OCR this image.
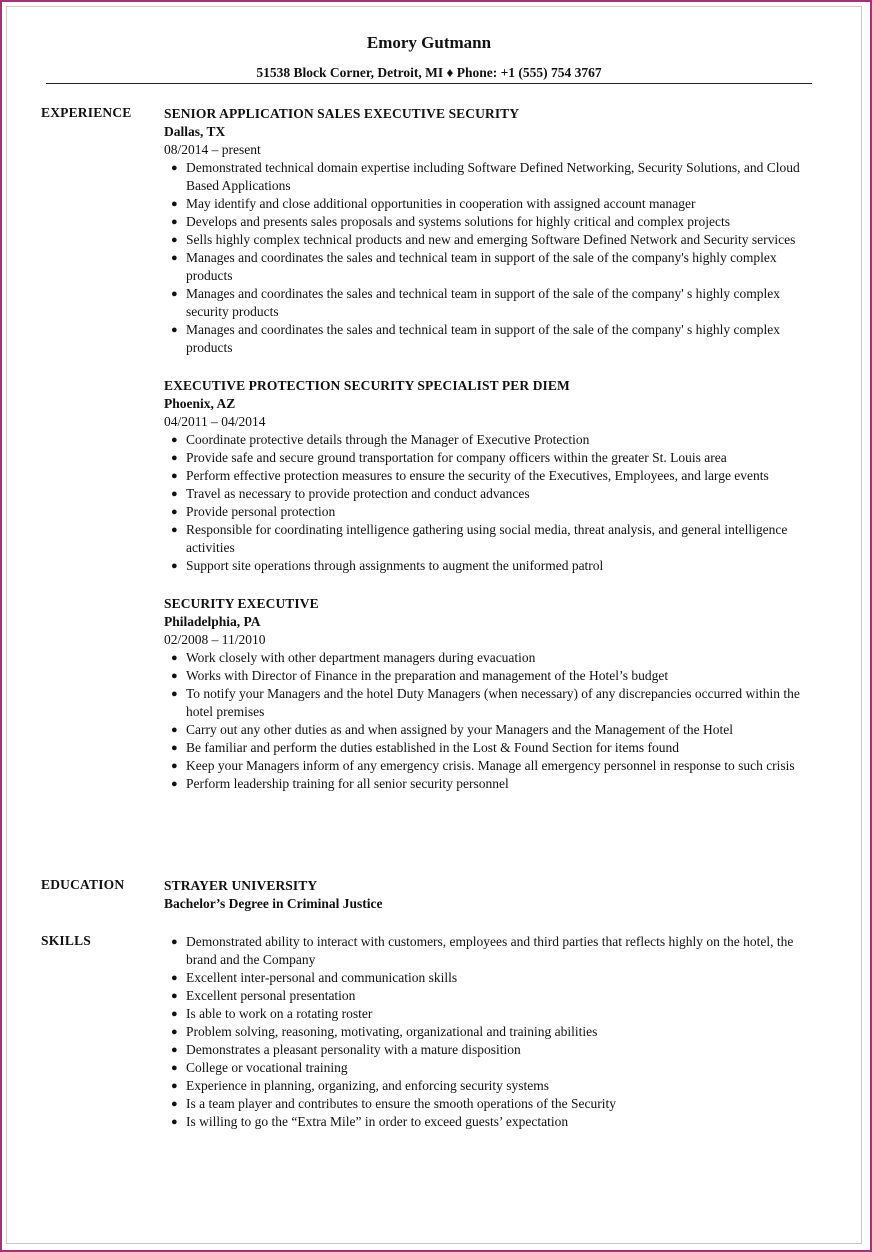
Emory Gutmann
51538 Block Corner, Detroit, MI ♦ Phone: +1 (555) 754 3767
EXPERIENCE SENIOR APPLICATION SALES EXECUTIVE SECURITY
Dallas, TX
08/2014 – present
● Demonstrated technical domain expertise including Software Defined Networking, Security Solutions, and Cloud Based Applications
● May identify and close additional opportunities in cooperation with assigned account manager
● Develops and presents sales proposals and systems solutions for highly critical and complex projects
● Sells highly complex technical products and new and emerging Software Defined Network and Security services
● Manages and coordinates the sales and technical team in support of the sale of the company's highly complex products
● Manages and coordinates the sales and technical team in support of the sale of the company' s highly complex security products
● Manages and coordinates the sales and technical team in support of the sale of the company' s highly complex products
EXECUTIVE PROTECTION SECURITY SPECIALIST PER DIEM
Phoenix, AZ
04/2011 – 04/2014
● Coordinate protective details through the Manager of Executive Protection
● Provide safe and secure ground transportation for company officers within the greater St. Louis area
● Perform effective protection measures to ensure the security of the Executives, Employees, and large events
● Travel as necessary to provide protection and conduct advances
● Provide personal protection
● Responsible for coordinating intelligence gathering using social media, threat analysis, and general intelligence activities
● Support site operations through assignments to augment the uniformed patrol
SECURITY EXECUTIVE
Philadelphia, PA
02/2008 – 11/2010
● Work closely with other department managers during evacuation
● Works with Director of Finance in the preparation and management of the Hotel’s budget
● To notify your Managers and the hotel Duty Managers (when necessary) of any discrepancies occurred within the hotel premises
● Carry out any other duties as and when assigned by your Managers and the Management of the Hotel
● Be familiar and perform the duties established in the Lost & Found Section for items found
● Keep your Managers inform of any emergency crisis. Manage all emergency personnel in response to such crisis
● Perform leadership training for all senior security personnel
EDUCATION	STRAYER UNIVERSITY
Bachelor’s Degree in Criminal Justice
SKILLS	● Demonstrated ability to interact with customers, employees and third parties that reflects highly on the hotel, the brand and the Company
● Excellent inter-personal and communication skills
● Excellent personal presentation
● Is able to work on a rotating roster
● Problem solving, reasoning, motivating, organizational and training abilities
● Demonstrates a pleasant personality with a mature disposition
● College or vocational training
● Experience in planning, organizing, and enforcing security systems
● Is a team player and contributes to ensure the smooth operations of the Security
● Is willing to go the “Extra Mile” in order to exceed guests’ expectation
